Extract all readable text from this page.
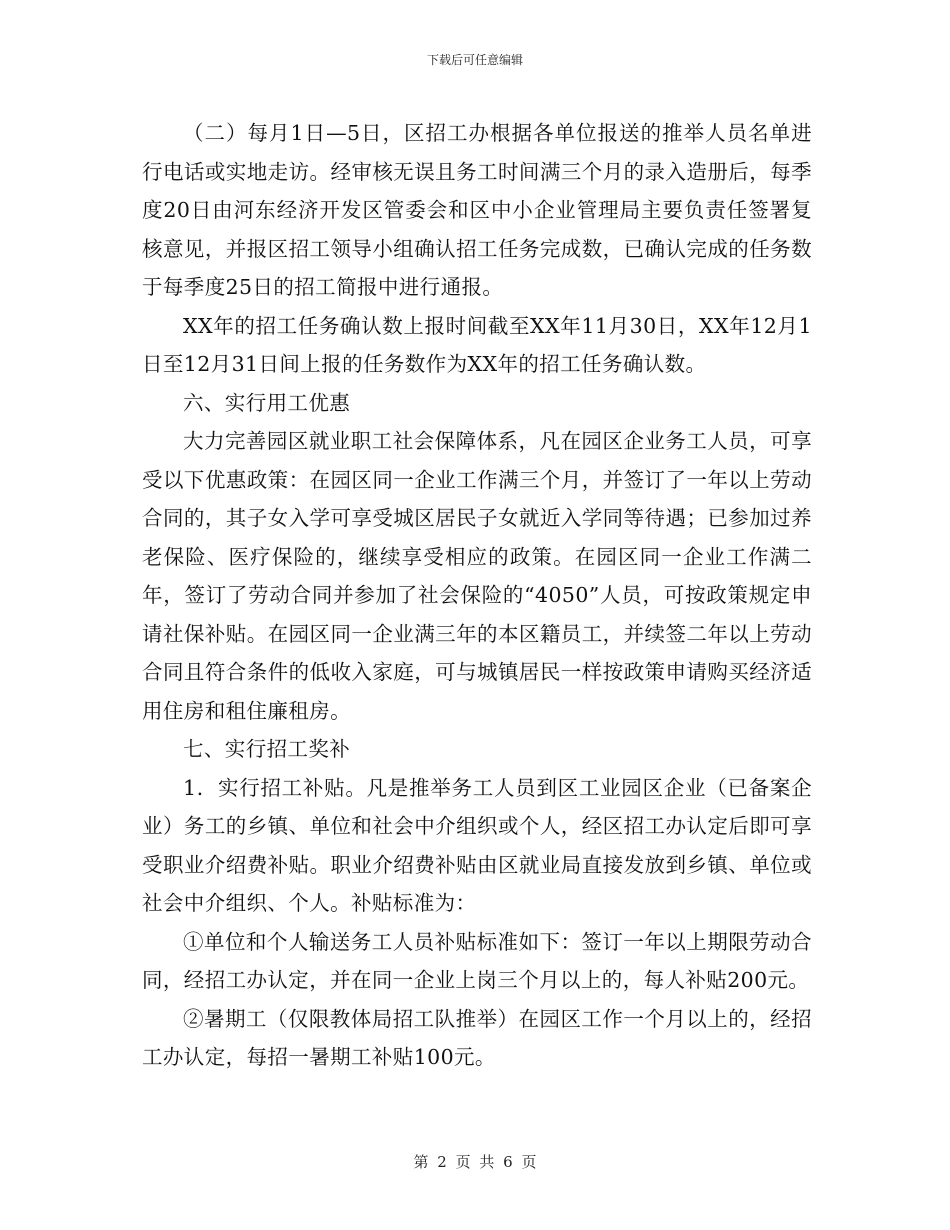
下载后可任意编辑

（二）每月1日—5日，区招工办根据各单位报送的推举人员名单进行电话或实地走访。经审核无误且务工时间满三个月的录入造册后，每季度20日由河东经济开发区管委会和区中小企业管理局主要负责任签署复核意见，并报区招工领导小组确认招工任务完成数，已确认完成的任务数于每季度25日的招工简报中进行通报。

XX年的招工任务确认数上报时间截至XX年11月30日，XX年12月1日至12月31日间上报的任务数作为XX年的招工任务确认数。

六、实行用工优惠

大力完善园区就业职工社会保障体系，凡在园区企业务工人员，可享受以下优惠政策：在园区同一企业工作满三个月，并签订了一年以上劳动合同的，其子女入学可享受城区居民子女就近入学同等待遇；已参加过养老保险、医疗保险的，继续享受相应的政策。在园区同一企业工作满二年，签订了劳动合同并参加了社会保险的“4050”人员，可按政策规定申请社保补贴。在园区同一企业满三年的本区籍员工，并续签二年以上劳动合同且符合条件的低收入家庭，可与城镇居民一样按政策申请购买经济适用住房和租住廉租房。

七、实行招工奖补

1．实行招工补贴。凡是推举务工人员到区工业园区企业（已备案企业）务工的乡镇、单位和社会中介组织或个人，经区招工办认定后即可享受职业介绍费补贴。职业介绍费补贴由区就业局直接发放到乡镇、单位或社会中介组织、个人。补贴标准为：

①单位和个人输送务工人员补贴标准如下：签订一年以上期限劳动合同，经招工办认定，并在同一企业上岗三个月以上的，每人补贴200元。

②暑期工（仅限教体局招工队推举）在园区工作一个月以上的，经招工办认定，每招一暑期工补贴100元。

第 2 页 共 6 页
